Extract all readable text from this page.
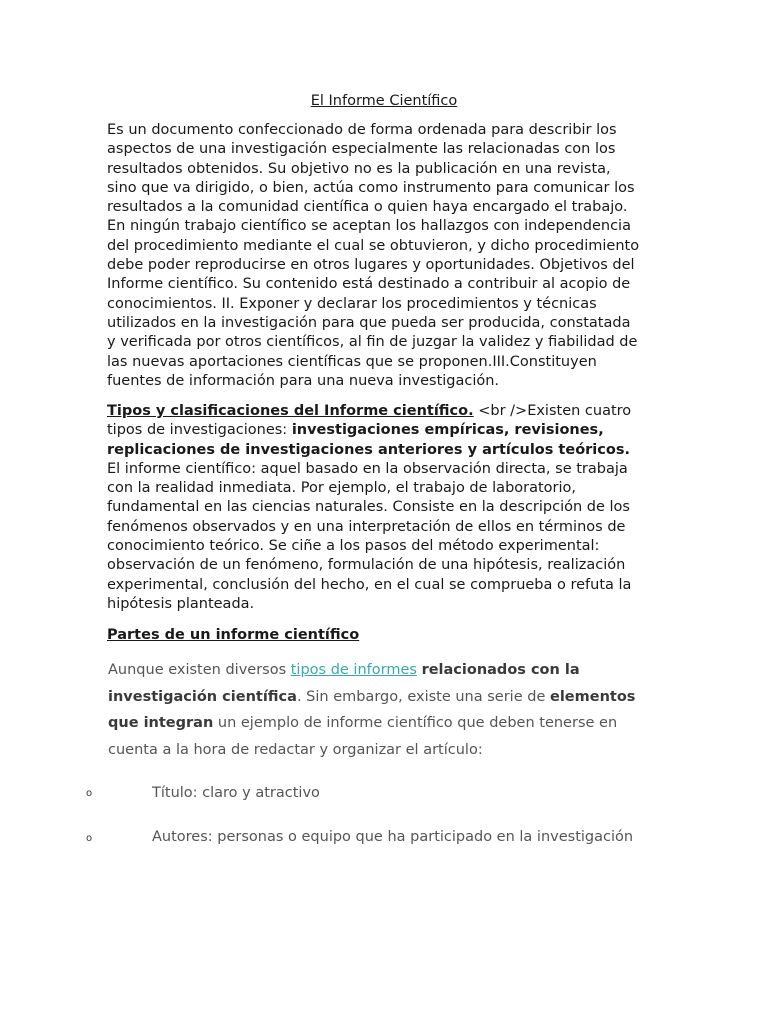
El Informe Científico
Es un documento confeccionado de forma ordenada para describir los
aspectos de una investigación especialmente las relacionadas con los
resultados obtenidos. Su objetivo no es la publicación en una revista,
sino que va dirigido, o bien, actúa como instrumento para comunicar los
resultados a la comunidad científica o quien haya encargado el trabajo.
En ningún trabajo científico se aceptan los hallazgos con independencia
del procedimiento mediante el cual se obtuvieron, y dicho procedimiento
debe poder reproducirse en otros lugares y oportunidades. Objetivos del
Informe científico. Su contenido está destinado a contribuir al acopio de
conocimientos. II. Exponer y declarar los procedimientos y técnicas
utilizados en la investigación para que pueda ser producida, constatada
y verificada por otros científicos, al fin de juzgar la validez y fiabilidad de
las nuevas aportaciones científicas que se proponen.III.Constituyen
fuentes de información para una nueva investigación.
Tipos y clasificaciones del Informe científico. <br />Existen cuatro
tipos de investigaciones: investigaciones empíricas, revisiones,
replicaciones de investigaciones anteriores y artículos teóricos.
El informe científico: aquel basado en la observación directa, se trabaja
con la realidad inmediata. Por ejemplo, el trabajo de laboratorio,
fundamental en las ciencias naturales. Consiste en la descripción de los
fenómenos observados y en una interpretación de ellos en términos de
conocimiento teórico. Se ciñe a los pasos del método experimental:
observación de un fenómeno, formulación de una hipótesis, realización
experimental, conclusión del hecho, en el cual se comprueba o refuta la
hipótesis planteada.
Partes de un informe científico
Aunque existen diversos tipos de informes relacionados con la
investigación científica. Sin embargo, existe una serie de elementos
que integran un ejemplo de informe científico que deben tenerse en
cuenta a la hora de redactar y organizar el artículo:
o	Título: claro y atractivo
o	Autores: personas o equipo que ha participado en la investigación
